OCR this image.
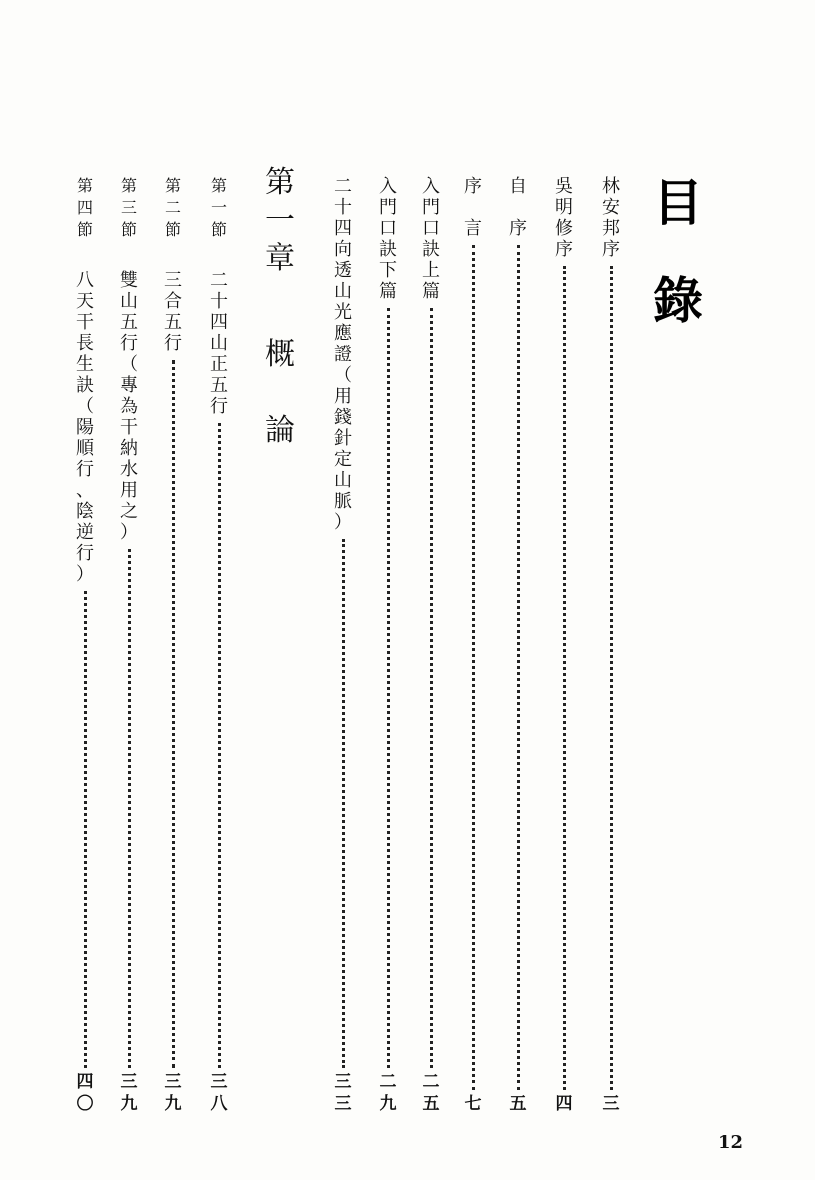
目
錄
林
安
邦
序
三
吳
明
修
序
四
自

序
五
序

言
七
入
門
口
訣
上
篇
二
五
入
門
口
訣
下
篇
二
九
二
十
四
向
透
山
光
應
證
（
用
錢
針
定
山
脈
）
三
三
第
一
章
概

論
第
一
節
二
十
四
山
正
五
行
三
八
第
二
節
三
合
五
行
三
九
第
三
節
雙
山
五
行
（
專
為
干
納
水
用
之
）
三
九
第
四
節
八
天
干
長
生
訣
（
陽
順
行
、
陰
逆
行
）
四
〇
12
